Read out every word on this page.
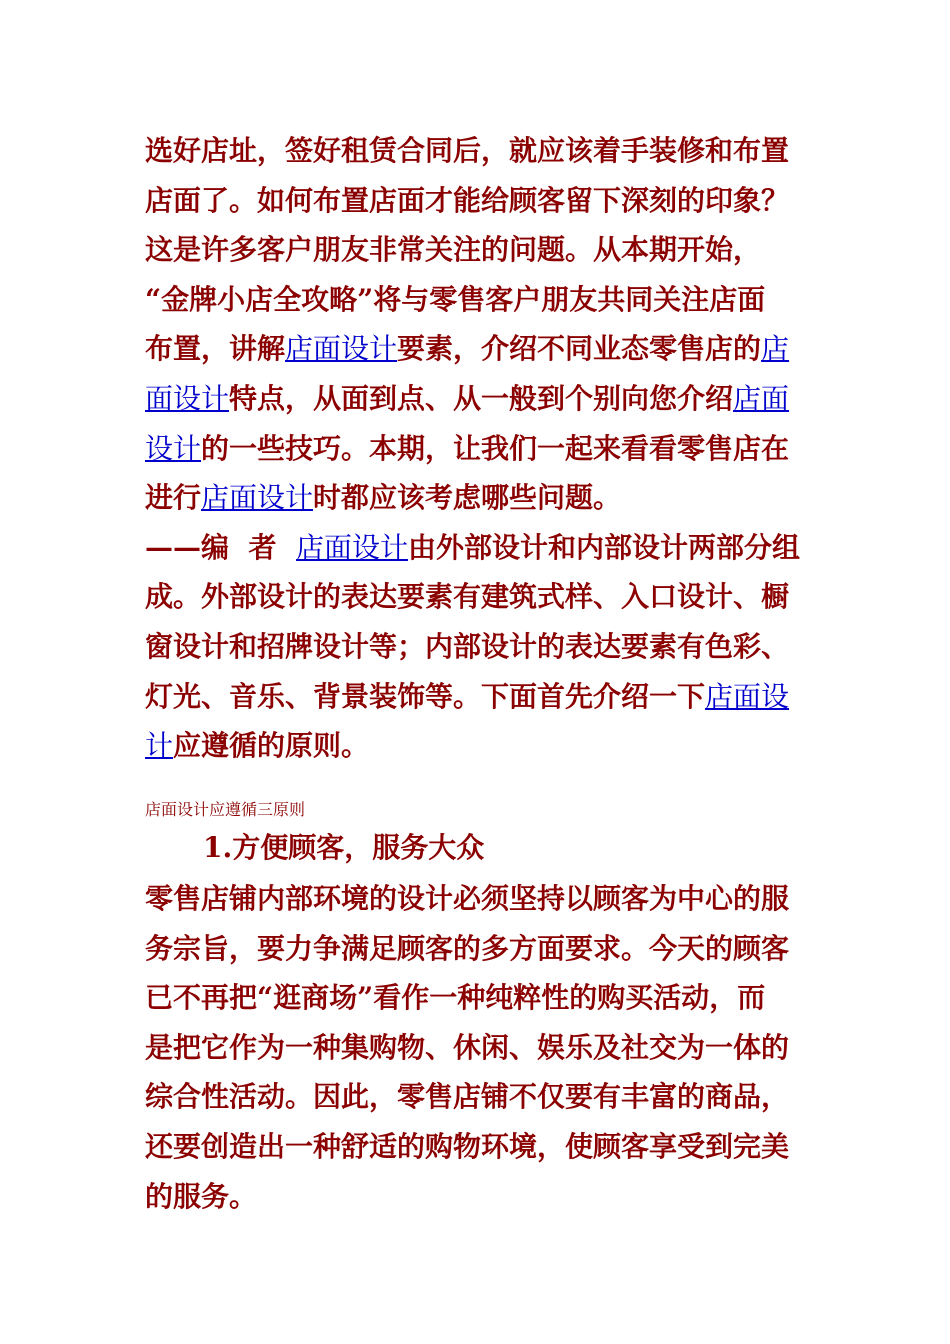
选好店址，签好租赁合同后，就应该着手装修和布置
店面了。如何布置店面才能给顾客留下深刻的印象？
这是许多客户朋友非常关注的问题。从本期开始，
“金牌小店全攻略”将与零售客户朋友共同关注店面
布置，讲解店面设计要素，介绍不同业态零售店的店
面设计特点，从面到点、从一般到个别向您介绍店面
设计的一些技巧。本期，让我们一起来看看零售店在
进行店面设计时都应该考虑哪些问题。
——编  者  店面设计由外部设计和内部设计两部分组
成。外部设计的表达要素有建筑式样、入口设计、橱
窗设计和招牌设计等；内部设计的表达要素有色彩、
灯光、音乐、背景装饰等。下面首先介绍一下店面设
计应遵循的原则。

店面设计应遵循三原则

1.方便顾客，服务大众

零售店铺内部环境的设计必须坚持以顾客为中心的服
务宗旨，要力争满足顾客的多方面要求。今天的顾客
已不再把“逛商场”看作一种纯粹性的购买活动，而
是把它作为一种集购物、休闲、娱乐及社交为一体的
综合性活动。因此，零售店铺不仅要有丰富的商品，
还要创造出一种舒适的购物环境，使顾客享受到完美
的服务。
